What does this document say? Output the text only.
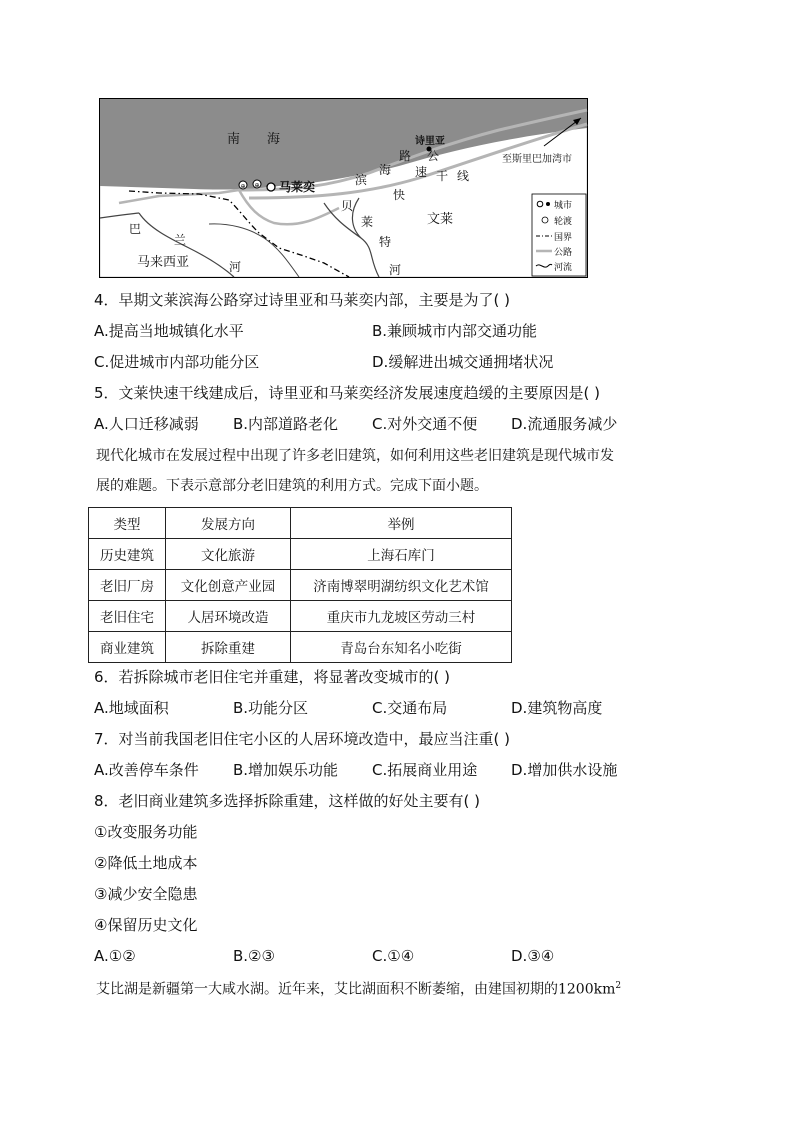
⊕ ⊕
南 海	诗里亚
马莱奕
至斯里巴加湾市
路 公
海
滨
速 干 线
快
文莱
贝
莱
特
河
巴
兰
河
马来西亚
城市
轮渡
国界
公路
河流
4．早期文莱滨海公路穿过诗里亚和马莱奕内部，主要是为了( )
A.提高当地城镇化水平	B.兼顾城市内部交通功能
C.促进城市内部功能分区	D.缓解进出城交通拥堵状况
5．文莱快速干线建成后，诗里亚和马莱奕经济发展速度趋缓的主要原因是( )
A.人口迁移减弱 B.内部道路老化 C.对外交通不便 D.流通服务减少
现代化城市在发展过程中出现了许多老旧建筑，如何利用这些老旧建筑是现代城市发
展的难题。下表示意部分老旧建筑的利用方式。完成下面小题。
类型	发展方向	举例
历史建筑	文化旅游	上海石库门
老旧厂房	文化创意产业园	济南博翠明湖纺织文化艺术馆
老旧住宅	人居环境改造	重庆市九龙坡区劳动三村
商业建筑	拆除重建	青岛台东知名小吃街
6．若拆除城市老旧住宅并重建，将显著改变城市的( )
A.地域面积	B.功能分区	C.交通布局	D.建筑物高度
7．对当前我国老旧住宅小区的人居环境改造中，最应当注重( )
A.改善停车条件 B.增加娱乐功能 C.拓展商业用途 D.增加供水设施
8．老旧商业建筑多选择拆除重建，这样做的好处主要有( )
①改变服务功能
②降低土地成本
③减少安全隐患
④保留历史文化
A.①②	B.②③	C.①④	D.③④
艾比湖是新疆第一大咸水湖。近年来，艾比湖面积不断萎缩，由建国初期的$1200km^2$
